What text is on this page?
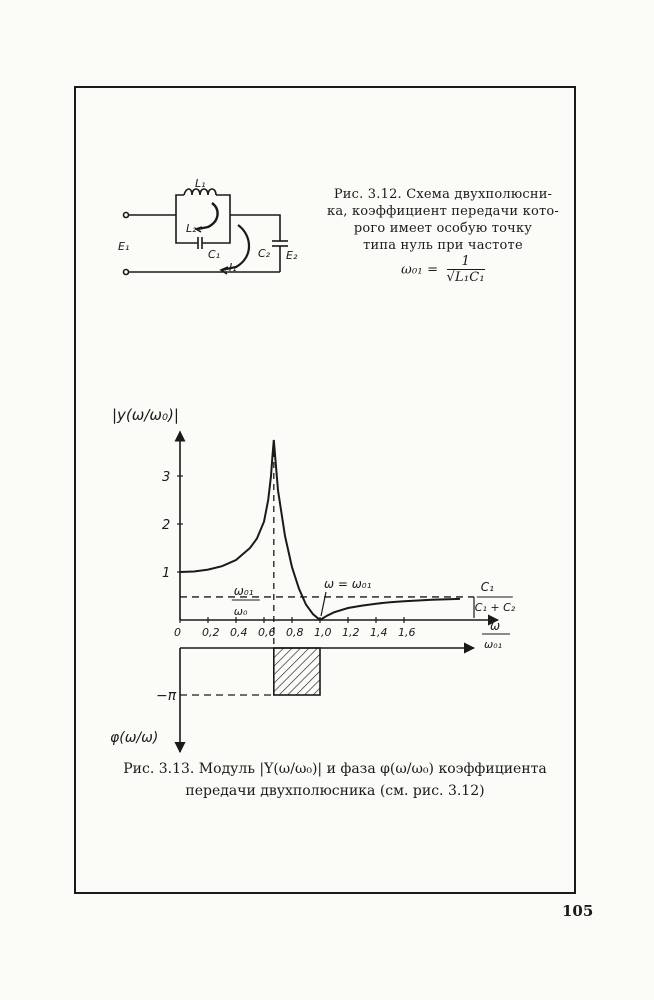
L₁
L₂
C₁	C₂
I₁
E₁
E₂
Рис. 3.12. Схема двухполюсни-
ка, коэффициент передачи кото-
рого имеет особую точку
типа нуль при частоте
$\omega_{01} = \frac{1}{\text{√L₁C₁}}$
|y(ω/ω₀)|
1
2
3
0 0,2 0,4 0,6 0,8 1,0 1,2 1,4 1,6	ω
ω₀₁
C₁
C₁ + C₂
ω₀₁
ω₀
ω = ω₀₁
−π
φ(ω/ω)
Рис. 3.13. Модуль |Y(ω/ω₀)| и фаза φ(ω/ω₀) коэффициента
передачи двухполюсника (см. рис. 3.12)
105
